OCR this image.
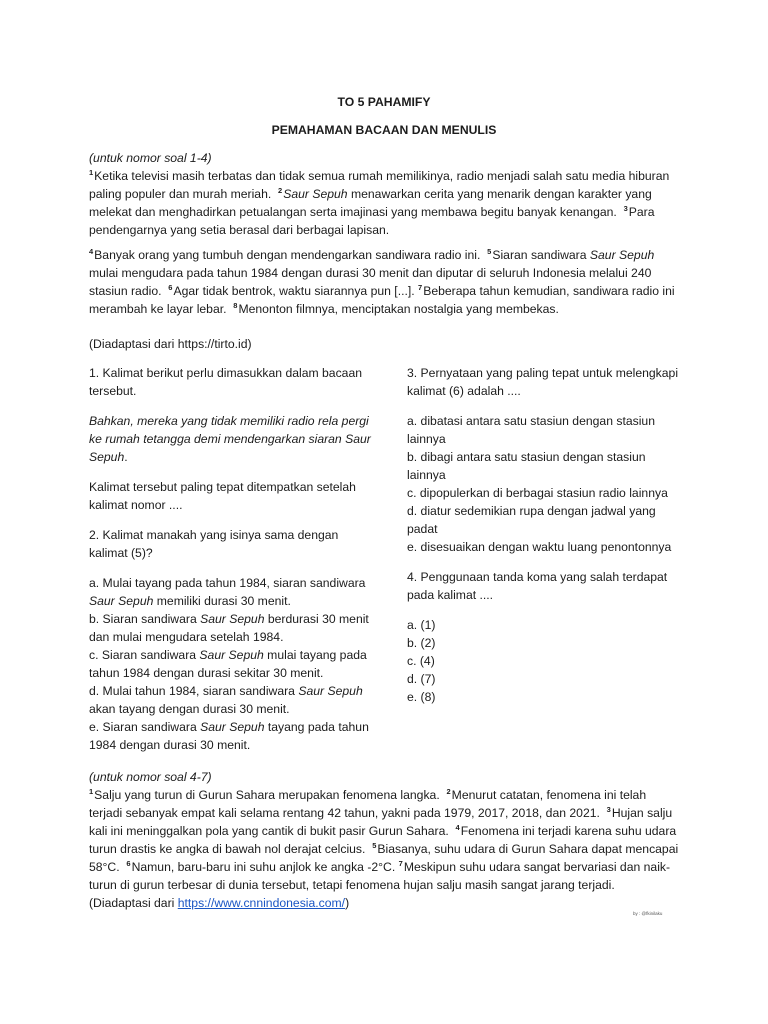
TO 5 PAHAMIFY
PEMAHAMAN BACAAN DAN MENULIS

(untuk nomor soal 1-4)
$^1$Ketika televisi masih terbatas dan tidak semua rumah memilikinya, radio menjadi salah satu media hiburan paling populer dan murah meriah. $^2$Saur Sepuh menawarkan cerita yang menarik dengan karakter yang melekat dan menghadirkan petualangan serta imajinasi yang membawa begitu banyak kenangan. $^3$Para pendengarnya yang setia berasal dari berbagai lapisan.

$^4$Banyak orang yang tumbuh dengan mendengarkan sandiwara radio ini. $^5$Siaran sandiwara Saur Sepuh mulai mengudara pada tahun 1984 dengan durasi 30 menit dan diputar di seluruh Indonesia melalui 240 stasiun radio. $^6$Agar tidak bentrok, waktu siarannya pun [...]. $^7$Beberapa tahun kemudian, sandiwara radio ini merambah ke layar lebar. $^8$Menonton filmnya, menciptakan nostalgia yang membekas.

(Diadaptasi dari https://tirto.id)

1. Kalimat berikut perlu dimasukkan dalam bacaan tersebut.

Bahkan, mereka yang tidak memiliki radio rela pergi ke rumah tetangga demi mendengarkan siaran Saur Sepuh.

Kalimat tersebut paling tepat ditempatkan setelah kalimat nomor ....

2. Kalimat manakah yang isinya sama dengan kalimat (5)?

a. Mulai tayang pada tahun 1984, siaran sandiwara Saur Sepuh memiliki durasi 30 menit.

b. Siaran sandiwara Saur Sepuh berdurasi 30 menit dan mulai mengudara setelah 1984.

c. Siaran sandiwara Saur Sepuh mulai tayang pada tahun 1984 dengan durasi sekitar 30 menit.

d. Mulai tahun 1984, siaran sandiwara Saur Sepuh akan tayang dengan durasi 30 menit.

e. Siaran sandiwara Saur Sepuh tayang pada tahun 1984 dengan durasi 30 menit.

3. Pernyataan yang paling tepat untuk melengkapi kalimat (6) adalah ....

a. dibatasi antara satu stasiun dengan stasiun lainnya

b. dibagi antara satu stasiun dengan stasiun lainnya

c. dipopulerkan di berbagai stasiun radio lainnya

d. diatur sedemikian rupa dengan jadwal yang padat

e. disesuaikan dengan waktu luang penontonnya

4. Penggunaan tanda koma yang salah terdapat pada kalimat ....

a. (1)

b. (2)

c. (4)

d. (7)

e. (8)

(untuk nomor soal 4-7)
$^1$Salju yang turun di Gurun Sahara merupakan fenomena langka. $^2$Menurut catatan, fenomena ini telah terjadi sebanyak empat kali selama rentang 42 tahun, yakni pada 1979, 2017, 2018, dan 2021. $^3$Hujan salju kali ini meninggalkan pola yang cantik di bukit pasir Gurun Sahara. $^4$Fenomena ini terjadi karena suhu udara turun drastis ke angka di bawah nol derajat celcius. $^5$Biasanya, suhu udara di Gurun Sahara dapat mencapai 58°C. $^6$Namun, baru-baru ini suhu anjlok ke angka -2°C. $^7$Meskipun suhu udara sangat bervariasi dan naik-turun di gurun terbesar di dunia tersebut, tetapi fenomena hujan salju masih sangat jarang terjadi.
(Diadaptasi dari https://www.cnnindonesia.com/)

by : @fkinilaku
